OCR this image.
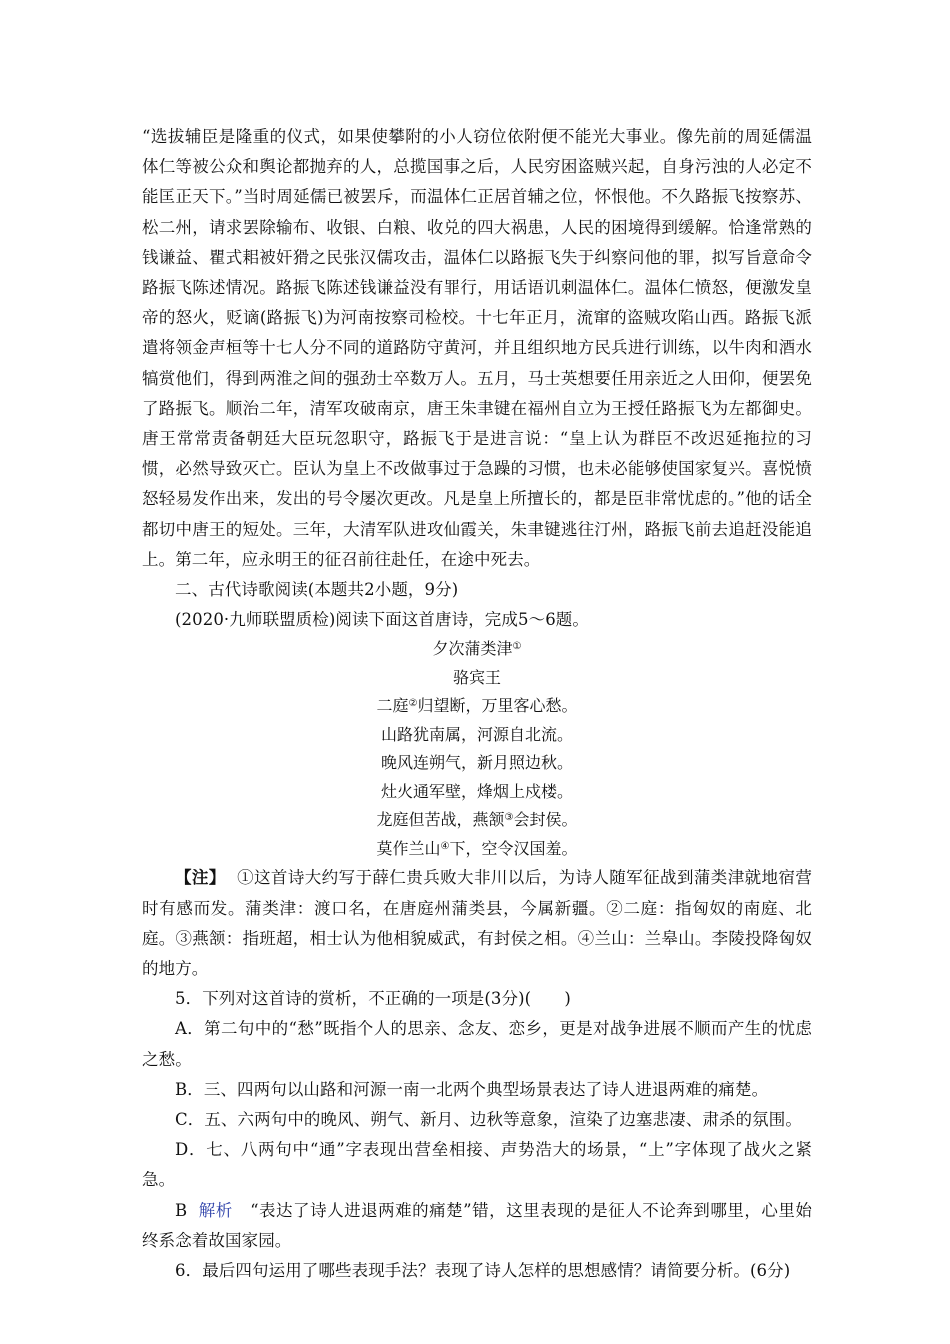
“选拔辅臣是隆重的仪式，如果使攀附的小人窃位依附便不能光大事业。像先前的周延儒温体仁等被公众和舆论都抛弃的人，总揽国事之后，人民穷困盗贼兴起，自身污浊的人必定不能匡正天下。”当时周延儒已被罢斥，而温体仁正居首辅之位，怀恨他。不久路振飞按察苏、松二州，请求罢除输布、收银、白粮、收兑的四大祸患，人民的困境得到缓解。恰逢常熟的钱谦益、瞿式耜被奸猾之民张汉儒攻击，温体仁以路振飞失于纠察问他的罪，拟写旨意命令路振飞陈述情况。路振飞陈述钱谦益没有罪行，用话语讥刺温体仁。温体仁愤怒，便激发皇帝的怒火，贬谪(路振飞)为河南按察司检校。十七年正月，流窜的盗贼攻陷山西。路振飞派遣将领金声桓等十七人分不同的道路防守黄河，并且组织地方民兵进行训练，以牛肉和酒水犒赏他们，得到两淮之间的强劲士卒数万人。五月，马士英想要任用亲近之人田仰，便罢免了路振飞。顺治二年，清军攻破南京，唐王朱聿键在福州自立为王授任路振飞为左都御史。唐王常常责备朝廷大臣玩忽职守，路振飞于是进言说：“皇上认为群臣不改迟延拖拉的习惯，必然导致灭亡。臣认为皇上不改做事过于急躁的习惯，也未必能够使国家复兴。喜悦愤怒轻易发作出来，发出的号令屡次更改。凡是皇上所擅长的，都是臣非常忧虑的。”他的话全都切中唐王的短处。三年，大清军队进攻仙霞关，朱聿键逃往汀州，路振飞前去追赶没能追上。第二年，应永明王的征召前往赴任，在途中死去。

二、古代诗歌阅读(本题共2小题，9分)

(2020·九师联盟质检)阅读下面这首唐诗，完成5～6题。

夕次蒲类津①

骆宾王

二庭②归望断，万里客心愁。

山路犹南属，河源自北流。

晚风连朔气，新月照边秋。

灶火通军壁，烽烟上戍楼。

龙庭但苦战，燕颔③会封侯。

莫作兰山④下，空令汉国羞。

【注】 ①这首诗大约写于薛仁贵兵败大非川以后，为诗人随军征战到蒲类津就地宿营时有感而发。蒲类津：渡口名，在唐庭州蒲类县，今属新疆。②二庭：指匈奴的南庭、北庭。③燕颔：指班超，相士认为他相貌威武，有封侯之相。④兰山：兰皋山。李陵投降匈奴的地方。

5．下列对这首诗的赏析，不正确的一项是(3分)(　　)

A．第二句中的“愁”既指个人的思亲、念友、恋乡，更是对战争进展不顺而产生的忧虑之愁。

B．三、四两句以山路和河源一南一北两个典型场景表达了诗人进退两难的痛楚。

C．五、六两句中的晚风、朔气、新月、边秋等意象，渲染了边塞悲凄、肃杀的氛围。

D．七、八两句中“通”字表现出营垒相接、声势浩大的场景，“上”字体现了战火之紧急。

B 解析 “表达了诗人进退两难的痛楚”错，这里表现的是征人不论奔到哪里，心里始终系念着故国家园。

6．最后四句运用了哪些表现手法？表现了诗人怎样的思想感情？请简要分析。(6分)
